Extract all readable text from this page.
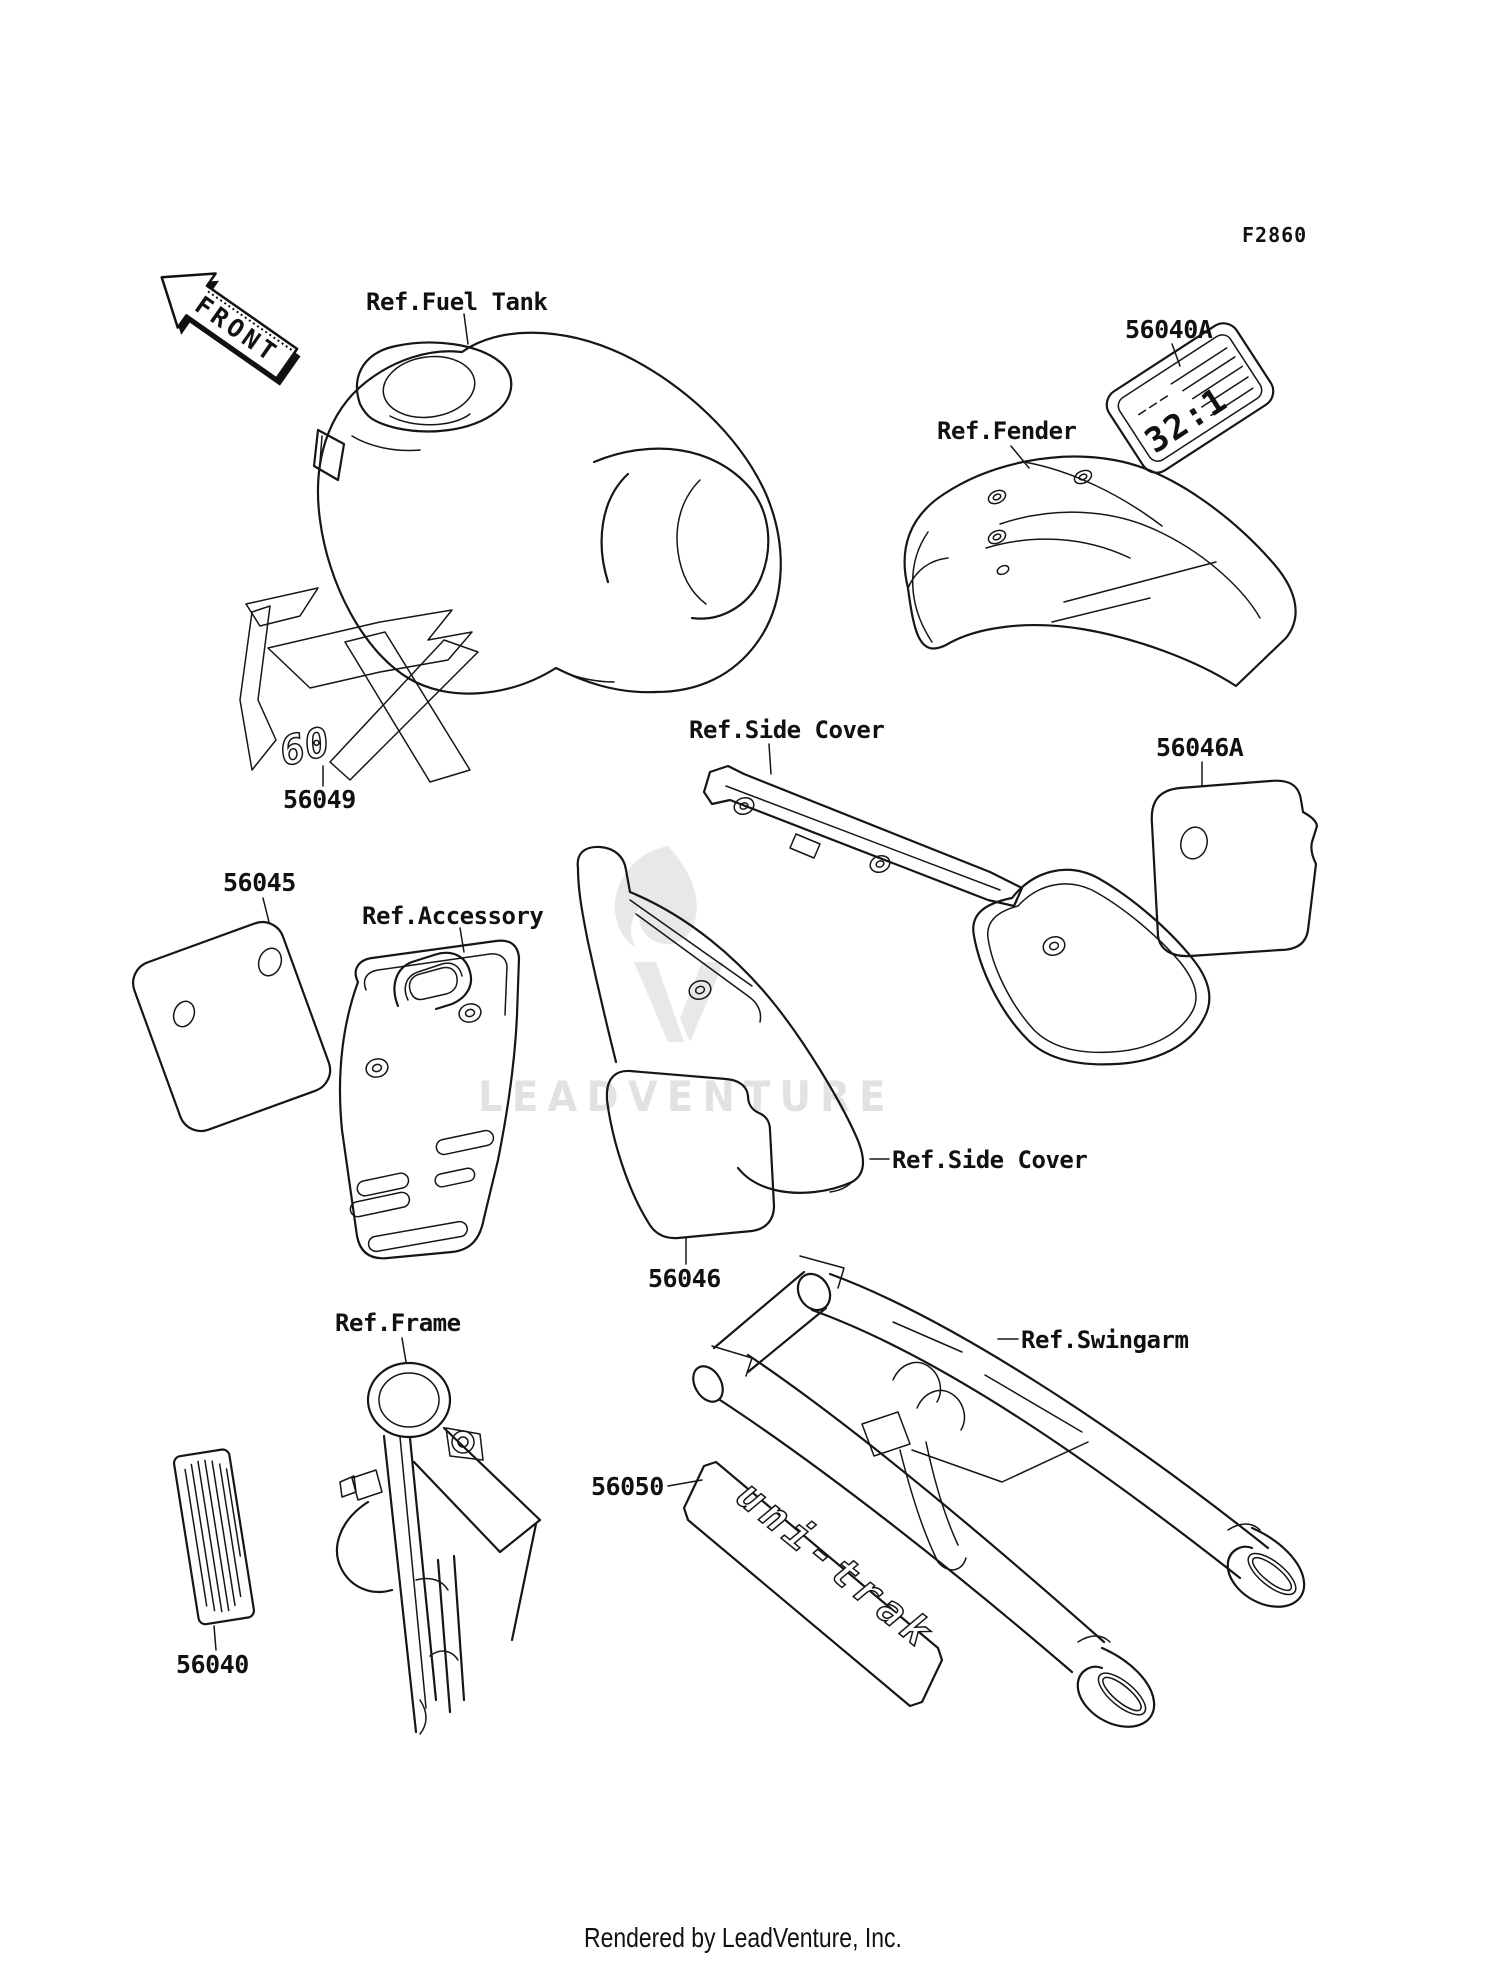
LEADVENTURE
FRONT
60
32:1
uni-trak
F2860
Ref.Fuel Tank
56040A
Ref.Fender
Ref.Side Cover
56046A
56049
56045
Ref.Accessory
Ref.Side Cover
56046
Ref.Frame
Ref.Swingarm
56050
56040
Rendered by LeadVenture, Inc.
